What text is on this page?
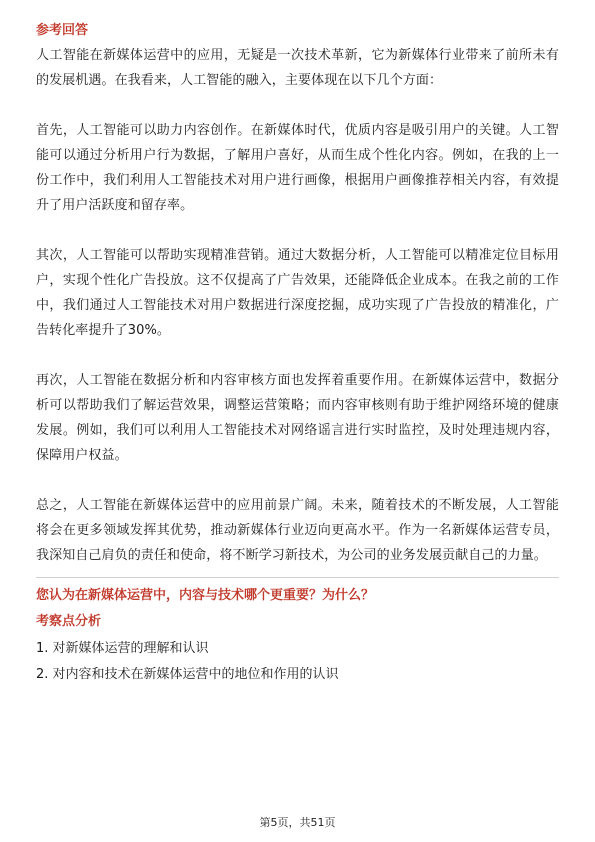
参考回答

人工智能在新媒体运营中的应用，无疑是一次技术革新，它为新媒体行业带来了前所未有的发展机遇。在我看来，人工智能的融入，主要体现在以下几个方面：

首先，人工智能可以助力内容创作。在新媒体时代，优质内容是吸引用户的关键。人工智能可以通过分析用户行为数据，了解用户喜好，从而生成个性化内容。例如，在我的上一份工作中，我们利用人工智能技术对用户进行画像，根据用户画像推荐相关内容，有效提升了用户活跃度和留存率。

其次，人工智能可以帮助实现精准营销。通过大数据分析，人工智能可以精准定位目标用户，实现个性化广告投放。这不仅提高了广告效果，还能降低企业成本。在我之前的工作中，我们通过人工智能技术对用户数据进行深度挖掘，成功实现了广告投放的精准化，广告转化率提升了30%。

再次，人工智能在数据分析和内容审核方面也发挥着重要作用。在新媒体运营中，数据分析可以帮助我们了解运营效果，调整运营策略；而内容审核则有助于维护网络环境的健康发展。例如，我们可以利用人工智能技术对网络谣言进行实时监控，及时处理违规内容，保障用户权益。

总之，人工智能在新媒体运营中的应用前景广阔。未来，随着技术的不断发展，人工智能将会在更多领域发挥其优势，推动新媒体行业迈向更高水平。作为一名新媒体运营专员，我深知自己肩负的责任和使命，将不断学习新技术，为公司的业务发展贡献自己的力量。

您认为在新媒体运营中，内容与技术哪个更重要？为什么？

考察点分析

1. 对新媒体运营的理解和认识

2. 对内容和技术在新媒体运营中的地位和作用的认识

第5页，共51页
